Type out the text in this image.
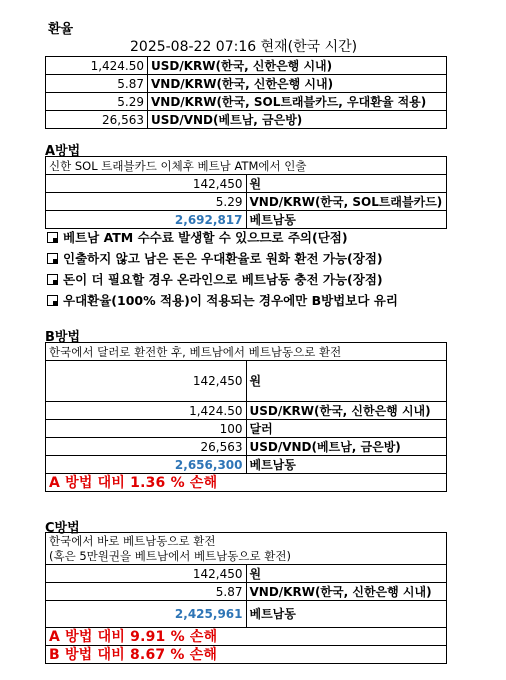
환율
2025-08-22 07:16 현재(한국 시간)
1,424.50	USD/KRW(한국, 신한은행 시내)
5.87	VND/KRW(한국, 신한은행 시내)
5.29	VND/KRW(한국, SOL트래블카드, 우대환율 적용)
26,563	USD/VND(베트남, 금은방)
A방법
신한 SOL 트래블카드 이체후 베트남 ATM에서 인출	
142,450	원
5.29	VND/KRW(한국, SOL트래블카드)
2,692,817	베트남동
베트남 ATM 수수료 발생할 수 있으므로 주의(단점)
인출하지 않고 남은 돈은 우대환율로 원화 환전 가능(장점)
돈이 더 필요할 경우 온라인으로 베트남동 충전 가능(장점)
우대환율(100% 적용)이 적용되는 경우에만 B방법보다 유리
B방법
한국에서 달러로 환전한 후, 베트남에서 베트남동으로 환전	
142,450	원
1,424.50	USD/KRW(한국, 신한은행 시내)
100	달러
26,563	USD/VND(베트남, 금은방)
2,656,300	베트남동
A 방법 대비 1.36 % 손해	
C방법
한국에서 바로 베트남동으로 환전
(혹은 5만원권을 베트남에서 베트남동으로 환전)	

142,450	원
5.87	VND/KRW(한국, 신한은행 시내)
2,425,961	베트남동
A 방법 대비 9.91 % 손해	
B 방법 대비 8.67 % 손해	
